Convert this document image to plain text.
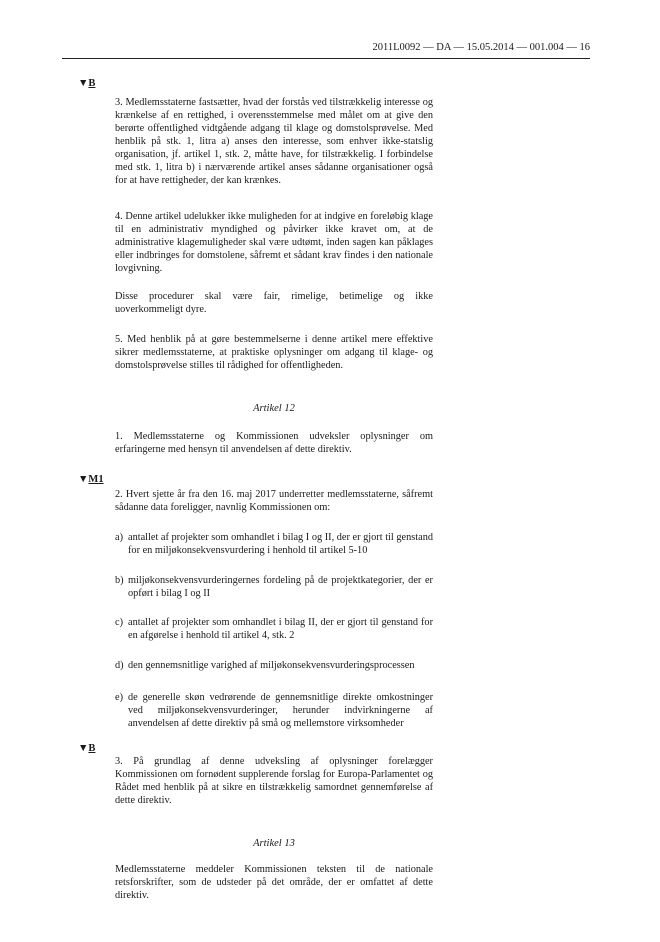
2011L0092 — DA — 15.05.2014 — 001.004 — 16
▼B

3. Medlemsstaterne fastsætter, hvad der forstås ved tilstrækkelig interesse og krænkelse af en rettighed, i overensstemmelse med målet om at give den berørte offentlighed vidtgående adgang til klage og domstolsprøvelse. Med henblik på stk. 1, litra a) anses den interesse, som enhver ikke-statslig organisation, jf. artikel 1, stk. 2, måtte have, for tilstrækkelig. I forbindelse med stk. 1, litra b) i nærværende artikel anses sådanne organisationer også for at have rettigheder, der kan krænkes.

4. Denne artikel udelukker ikke muligheden for at indgive en foreløbig klage til en administrativ myndighed og påvirker ikke kravet om, at de administrative klagemuligheder skal være udtømt, inden sagen kan påklages eller indbringes for domstolene, såfremt et sådant krav findes i den nationale lovgivning.

Disse procedurer skal være fair, rimelige, betimelige og ikke uoverkommeligt dyre.

5. Med henblik på at gøre bestemmelserne i denne artikel mere effektive sikrer medlemsstaterne, at praktiske oplysninger om adgang til klage- og domstolsprøvelse stilles til rådighed for offentligheden.

Artikel 12

1. Medlemsstaterne og Kommissionen udveksler oplysninger om erfaringerne med hensyn til anvendelsen af dette direktiv.

▼M1

2. Hvert sjette år fra den 16. maj 2017 underretter medlemsstaterne, såfremt sådanne data foreligger, navnlig Kommissionen om:

a) antallet af projekter som omhandlet i bilag I og II, der er gjort til genstand for en miljøkonsekvensvurdering i henhold til artikel 5-10
b) miljøkonsekvensvurderingernes fordeling på de projektkategorier, der er opført i bilag I og II
c) antallet af projekter som omhandlet i bilag II, der er gjort til genstand for en afgørelse i henhold til artikel 4, stk. 2
d) den gennemsnitlige varighed af miljøkonsekvensvurderingsprocessen
e) de generelle skøn vedrørende de gennemsnitlige direkte omkostninger ved miljøkonsekvensvurderinger, herunder indvirkningerne af anvendelsen af dette direktiv på små og mellemstore virksomheder
▼B

3. På grundlag af denne udveksling af oplysninger forelægger Kommissionen om fornødent supplerende forslag for Europa-Parlamentet og Rådet med henblik på at sikre en tilstrækkelig samordnet gennemførelse af dette direktiv.

Artikel 13

Medlemsstaterne meddeler Kommissionen teksten til de nationale retsforskrifter, som de udsteder på det område, der er omfattet af dette direktiv.
